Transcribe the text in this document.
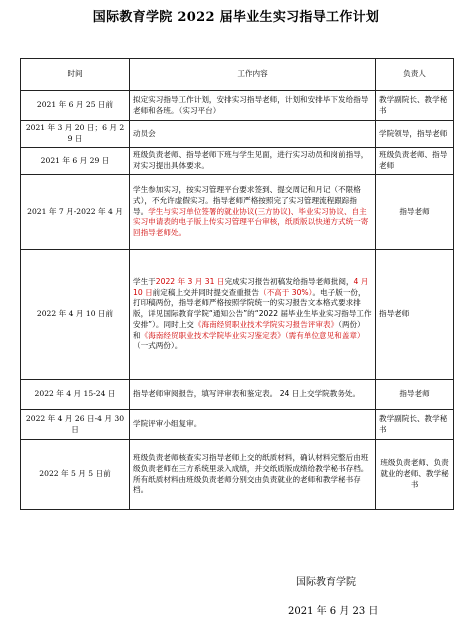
国际教育学院 2022 届毕业生实习指导工作计划
时间	工作内容	负责人
2021 年 6 月 25 日前	拟定实习指导工作计划，安排实习指导老师，计划和安排毕下发给指导老师和各班。（实习平台）	教学副院长、教学秘书
2021 年 3 月 20 日；6 月 29 日	动员会	学院领导，指导老师
2021 年 6 月 29 日	班级负责老师、指导老师下班与学生见面，进行实习动员和岗前指导，对实习提出具体要求。	班级负责老师、指导老师
2021 年 7 月-2022 年 4 月	学生参加实习，按实习管理平台要求签到、提交周记和月记（不限格式），不允许虚假实习。指导老师严格按照完了实习管理流程跟踪指导。学生与实习单位签署的就业协议(三方协议)、毕业实习协议、自主实习申请表的电子版上传实习管理平台审核，纸质版以快递方式统一寄回指导老师处。	指导老师
2022 年 4 月 10 日前	学生于2022 年 3 月 31 日完成实习报告初稿发给指导老师批阅，4 月 10 日前定稿上交并同时提交查重报告（不高于 30%）。电子版一份，打印稿两份，指导老师严格按照学院统一的实习报告文本格式要求排版，详见国际教育学院“通知公告”的“2022 届毕业生毕业实习指导工作安排”）。同时上交《海南经贸职业技术学院实习报告评审表》（两份）和《海南经贸职业技术学院毕业实习鉴定表》（需有单位意见和盖章）（一式两份）。	指导老师
2022 年 4 月 15-24 日	指导老师审阅报告，填写评审表和鉴定表。 24 日上交学院教务处。	指导老师
2022 年 4 月 26 日-4 月 30 日	学院评审小组复审。	教学副院长、教学秘书
2022 年 5 月 5 日前	班级负责老师核查实习指导老师上交的纸质材料，确认材料完整后由班级负责老师在三方系统里录入成绩，并交纸质版成绩给教学秘书存档。所有纸质材料由班级负责老师分别交由负责就业的老师和教学秘书存档。	班级负责老师、负责就业的老师、教学秘书
国际教育学院
2021 年 6 月 23 日
